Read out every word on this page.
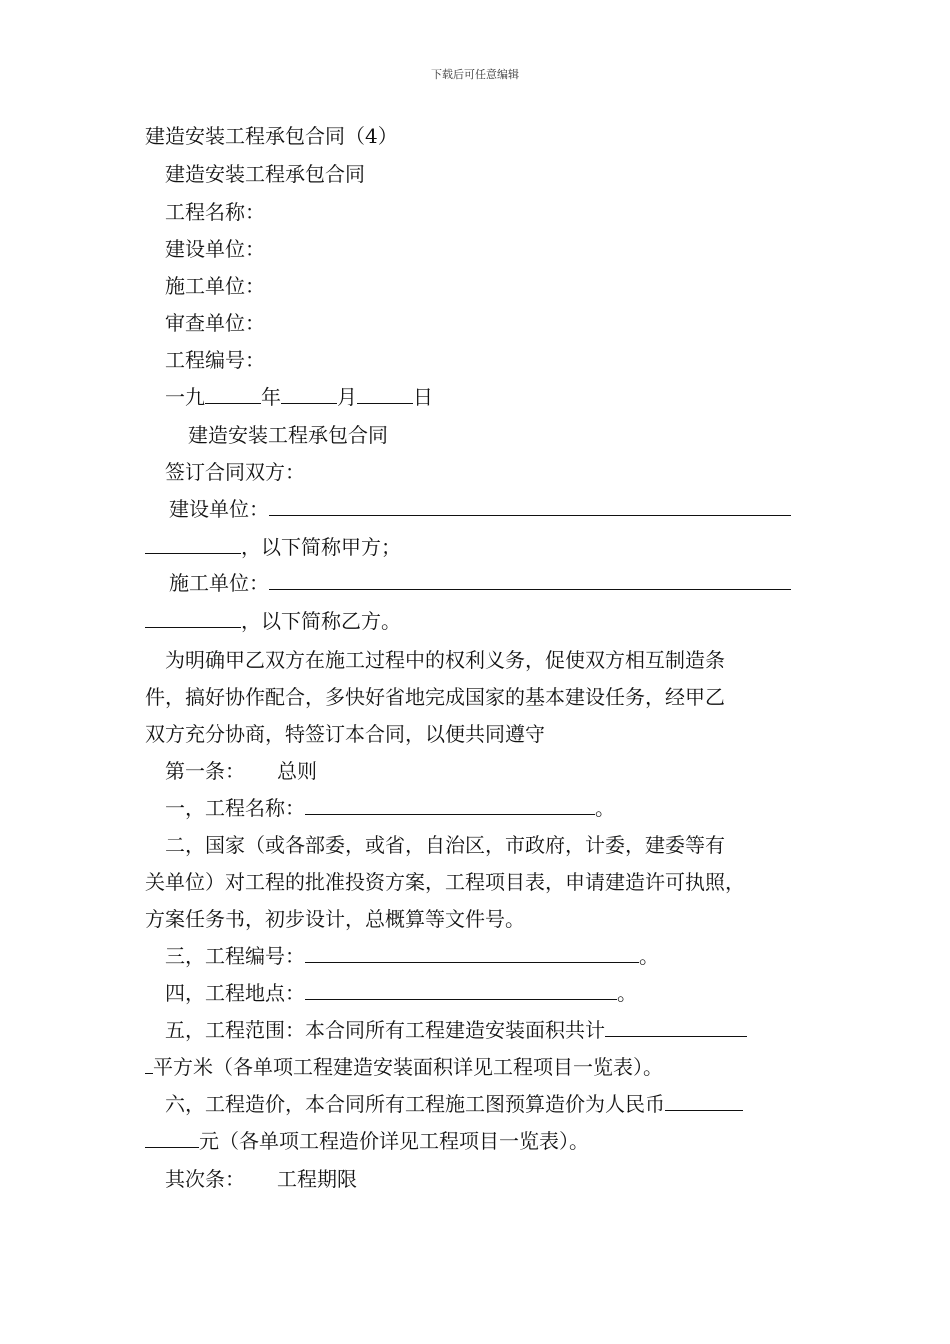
下载后可任意编辑
建造安装工程承包合同（4）
建造安装工程承包合同
工程名称：
建设单位：
施工单位：
审查单位：
工程编号：
一九	年	月	日
建造安装工程承包合同
签订合同双方：
建设单位：
，以下简称甲方；
施工单位：
，以下简称乙方。
为明确甲乙双方在施工过程中的权利义务，促使双方相互制造条
件，搞好协作配合，多快好省地完成国家的基本建设任务，经甲乙
双方充分协商，特签订本合同，以便共同遵守
第一条： 总则
一，工程名称：	。
二，国家（或各部委，或省，自治区，市政府，计委，建委等有
关单位）对工程的批准投资方案，工程项目表，申请建造许可执照，
方案任务书，初步设计，总概算等文件号。
三，工程编号：	。
四，工程地点：	。
五，工程范围：本合同所有工程建造安装面积共计
平方米（各单项工程建造安装面积详见工程项目一览表）。
六，工程造价，本合同所有工程施工图预算造价为人民币
元（各单项工程造价详见工程项目一览表）。
其次条： 工程期限
